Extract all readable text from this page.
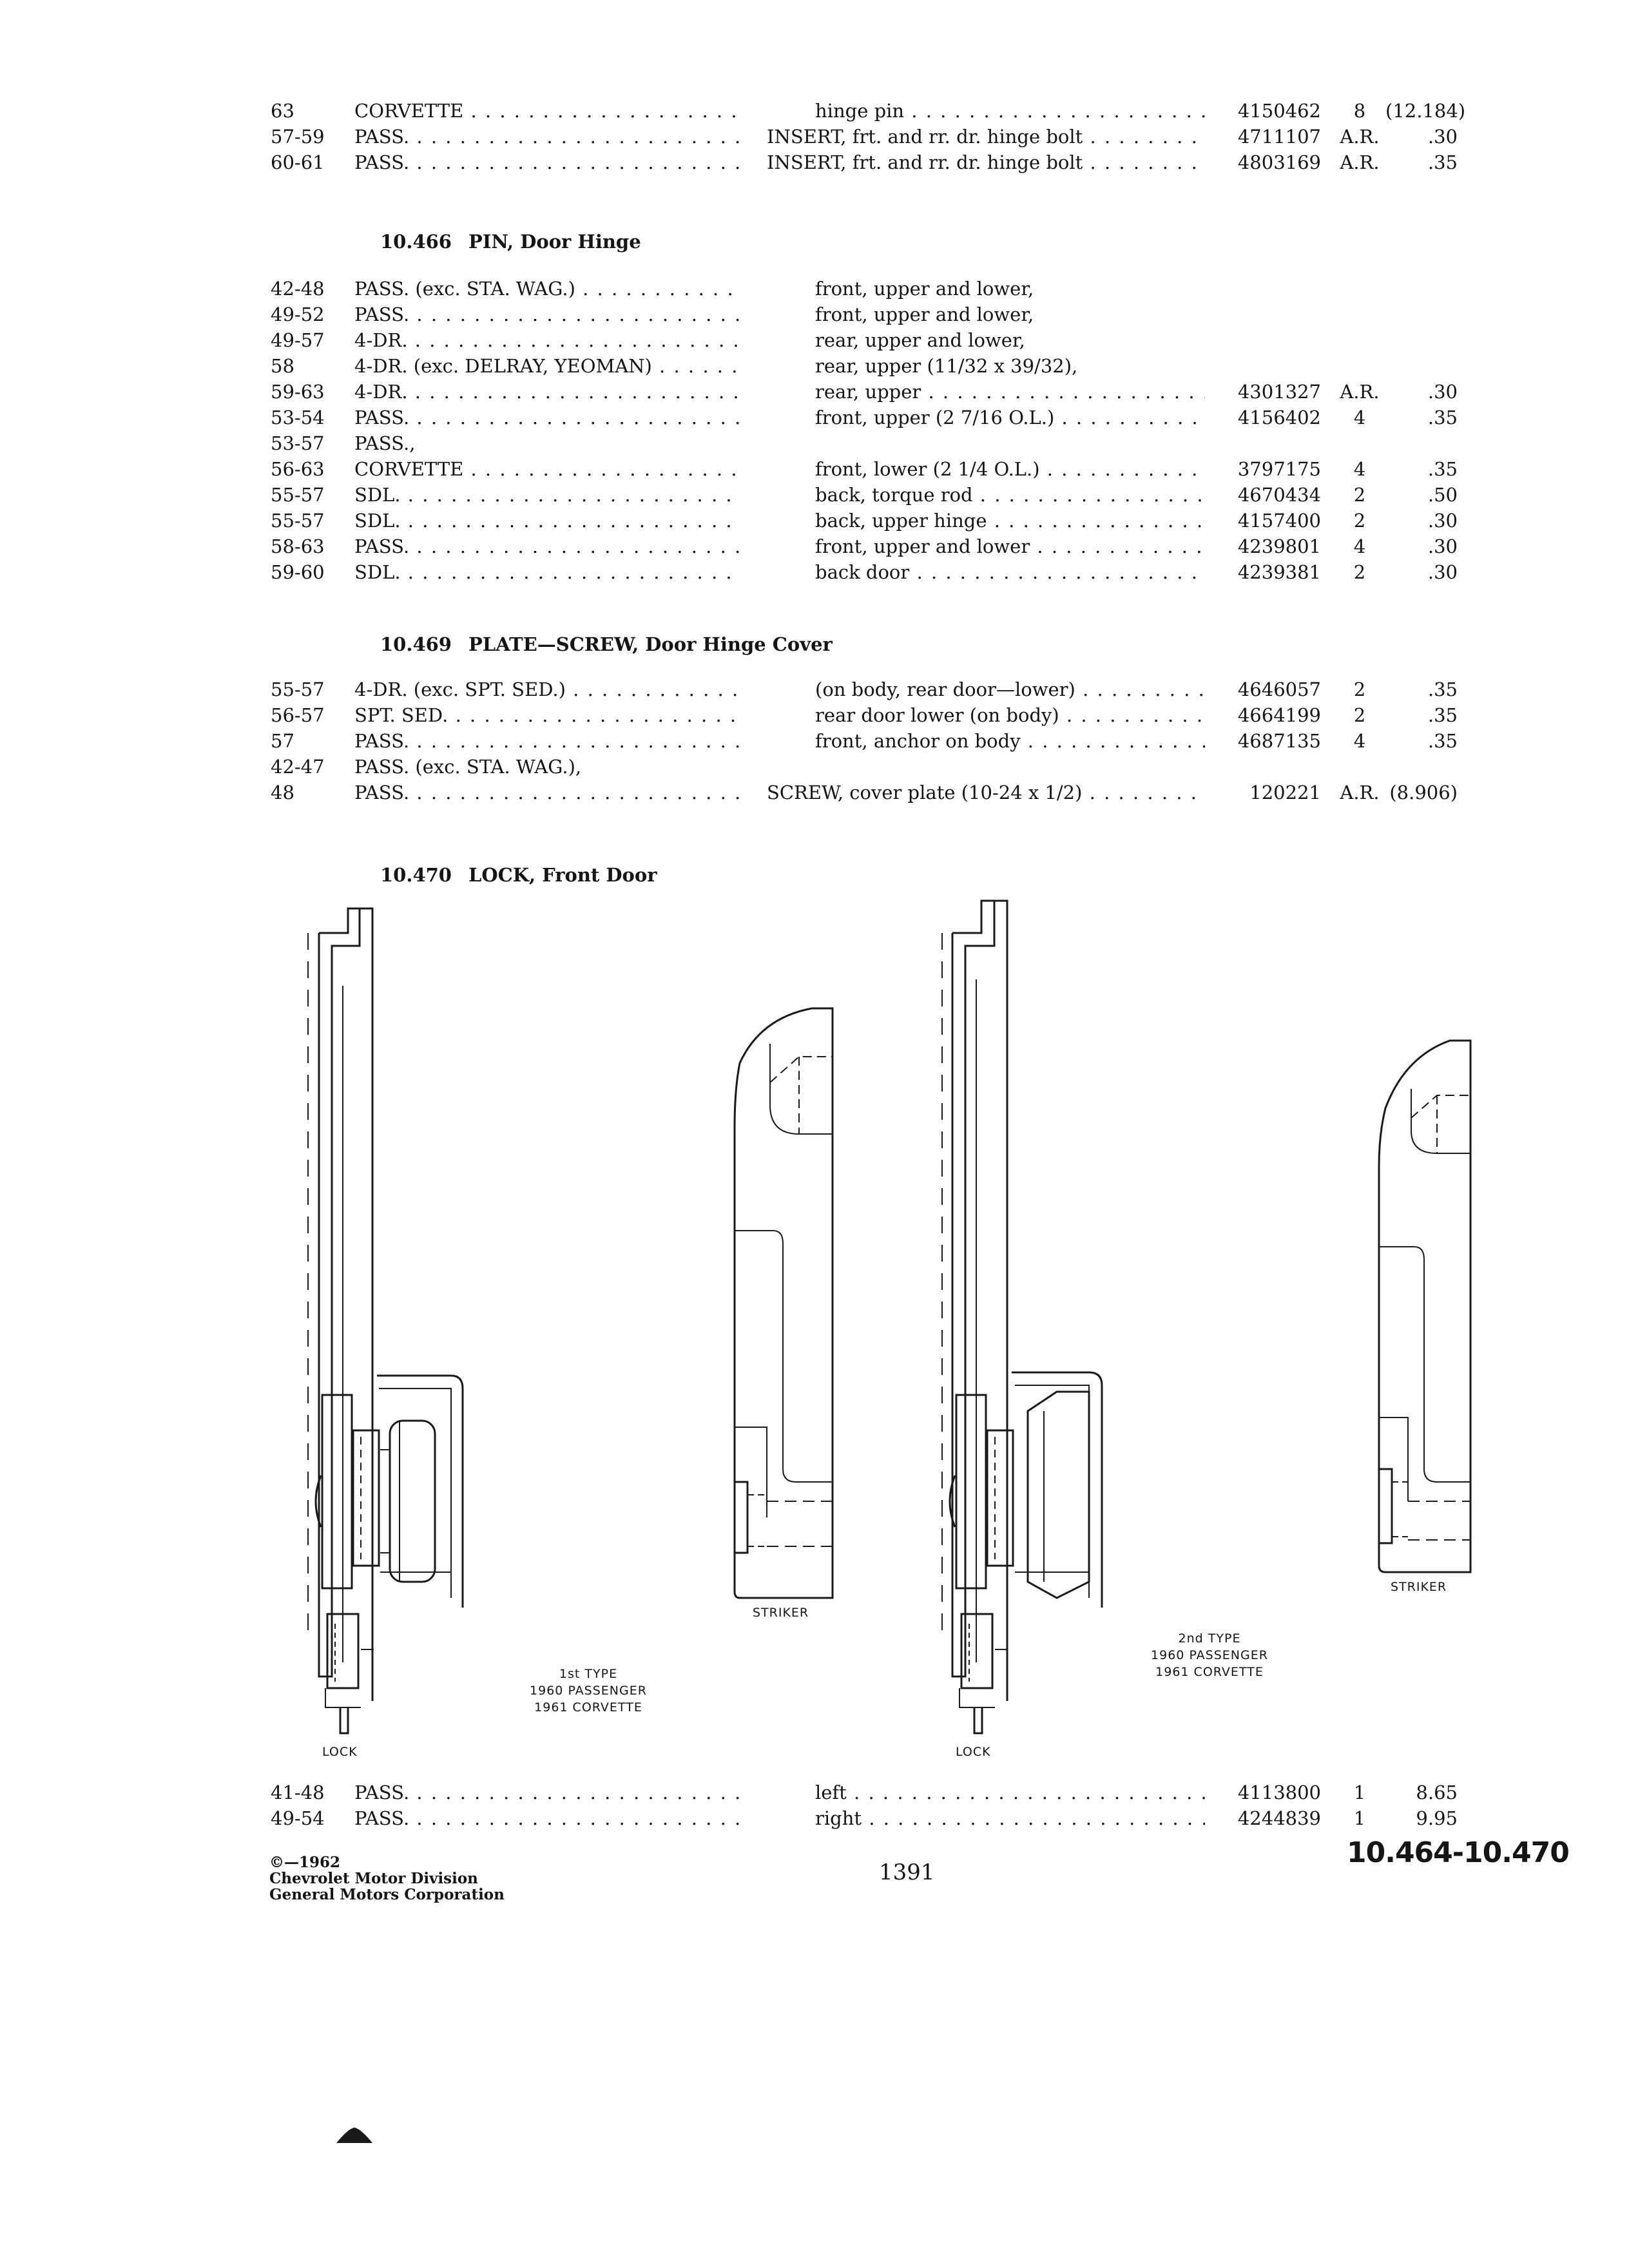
63	CORVETTE . . .	hinge pin . . .	4150462	8	(12.184)
57-59	PASS. . . .	INSERT, frt. and rr. dr. hinge bolt . . .	4711107	A.R.	.30
60-61	PASS. . . .	INSERT, frt. and rr. dr. hinge bolt . . .	4803169	A.R.	.35
10.466 PIN, Door Hinge
42-48	PASS. (exc. STA. WAG.) . . .	front, upper and lower,
49-52	PASS. . . .	front, upper and lower,
49-57	4-DR. . . .	rear, upper and lower,
58	4-DR. (exc. DELRAY, YEOMAN) . . .	rear, upper (11/32 x 39/32),
59-63	4-DR. . . .	rear, upper . . .	4301327	A.R.	.30
53-54	PASS. . . .	front, upper (2 7/16 O.L.) . . .	4156402	4	.35
53-57	PASS.,
56-63	CORVETTE . . .	front, lower (2 1/4 O.L.) . . .	3797175	4	.35
55-57	SDL. . . .	back, torque rod . . .	4670434	2	.50
55-57	SDL. . . .	back, upper hinge . . .	4157400	2	.30
58-63	PASS. . . .	front, upper and lower . . .	4239801	4	.30
59-60	SDL. . . .	back door . . .	4239381	2	.30
10.469 PLATE—SCREW, Door Hinge Cover
55-57	4-DR. (exc. SPT. SED.) . . .	(on body, rear door—lower) . . .	4646057	2	.35
56-57	SPT. SED. . . .	rear door lower (on body) . . .	4664199	2	.35
57	PASS. . . .	front, anchor on body . . .	4687135	4	.35
42-47	PASS. (exc. STA. WAG.),
48	PASS. . . .	SCREW, cover plate (10-24 x 1/2) . . .	120221	A.R. (8.906)
10.470 LOCK, Front Door
LOCK
STRIKER
1st TYPE
1960 PASSENGER
1961 CORVETTE
LOCK
2nd TYPE
1960 PASSENGER
1961 CORVETTE
STRIKER
41-48	PASS. . . .	left . . .	4113800	1	8.65
49-54	PASS. . . .	right . . .	4244839	1	9.95
©—1962
Chevrolet Motor Division
General Motors Corporation
1391
10.464-10.470
